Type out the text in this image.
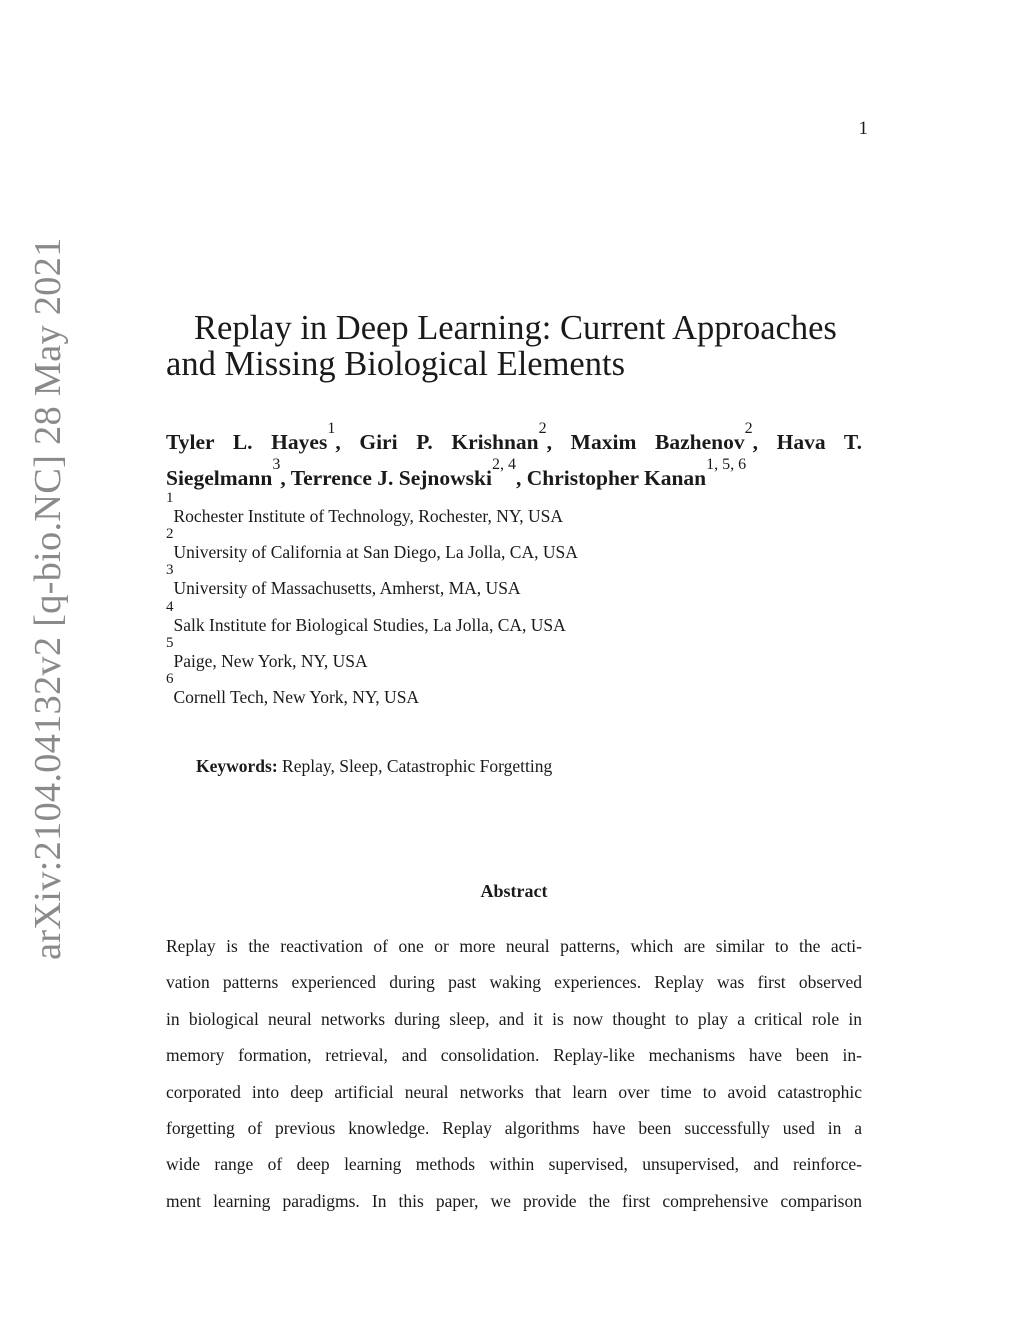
1
arXiv:2104.04132v2 [q-bio.NC] 28 May 2021	Replay in Deep Learning: Current Approaches and Missing Biological Elements
Tyler L. Hayes$^1$, Giri P. Krishnan$^2$, Maxim Bazhenov$^2$, Hava T. Siegelmann$^3$, Terrence J. Sejnowski$^{2, 4}$, Christopher Kanan$^{1, 5, 6}$
$^1$Rochester Institute of Technology, Rochester, NY, USA
$^2$University of California at San Diego, La Jolla, CA, USA
$^3$University of Massachusetts, Amherst, MA, USA
$^4$Salk Institute for Biological Studies, La Jolla, CA, USA
$^5$Paige, New York, NY, USA
$^6$Cornell Tech, New York, NY, USA
Keywords: Replay, Sleep, Catastrophic Forgetting
Abstract
Replay is the reactivation of one or more neural patterns, which are similar to the acti-
vation patterns experienced during past waking experiences. Replay was first observed
in biological neural networks during sleep, and it is now thought to play a critical role in
memory formation, retrieval, and consolidation. Replay-like mechanisms have been in-
corporated into deep artificial neural networks that learn over time to avoid catastrophic
forgetting of previous knowledge. Replay algorithms have been successfully used in a
wide range of deep learning methods within supervised, unsupervised, and reinforce-
ment learning paradigms. In this paper, we provide the first comprehensive comparison
